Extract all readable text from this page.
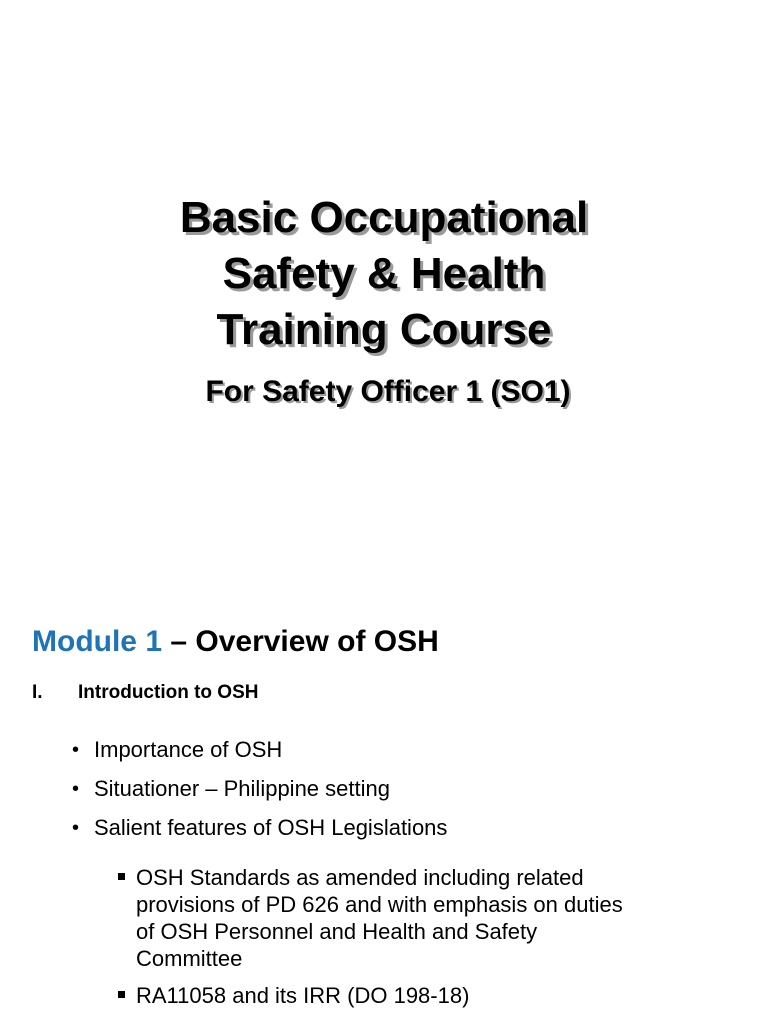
Basic Occupational
Safety & Health
Training Course
For Safety Officer 1 (SO1)
Module 1 – Overview of OSH
I. Introduction to OSH
• Importance of OSH
• Situationer – Philippine setting
• Salient features of OSH Legislations
OSH Standards as amended including related provisions of PD 626 and with emphasis on duties of OSH Personnel and Health and Safety Committee
RA11058 and its IRR (DO 198-18)
